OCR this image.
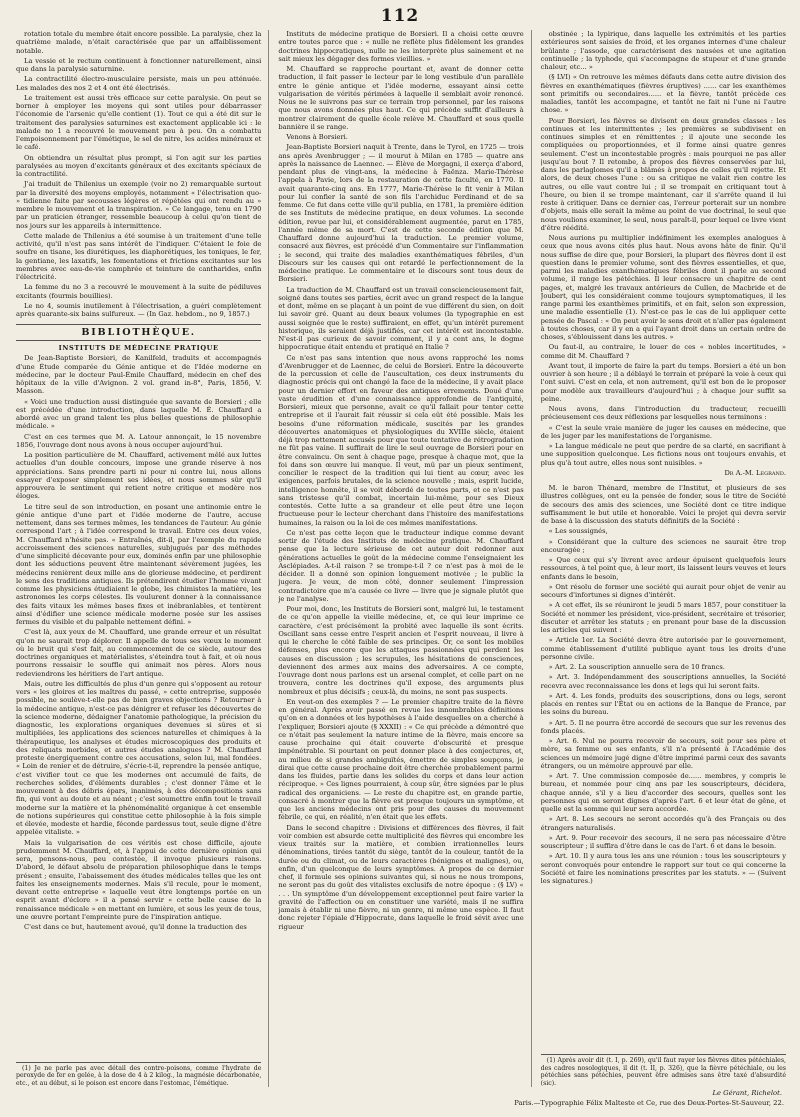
112

rotation totale du membre était encore possible. La paralysie, chez la quatrième malade, n'était caractérisée que par un affaiblissement notable.

La vessie et le rectum continuent à fonctionner naturellement, ainsi que dans la paralysie saturnine.

La contractilité électro-musculaire persiste, mais un peu atténuée. Les malades des nos 2 et 4 ont été électrisés.

Le traitement est aussi très efficace sur cette paralysie. On peut se borner à employer les moyens qui sont utiles pour débarrasser l'économie de l'arsenic qu'elle contient (1). Tout ce qui a été dit sur le traitement des paralysies saturnines est exactement applicable ici : le malade no 1 a recouvré le mouvement peu à peu. On a combattu l'empoisonnement par l'émétique, le sel de nitre, les acides minéraux et le café.

On obtiendra un résultat plus prompt, si l'on agit sur les parties paralysées au moyen d'excitants généraux et des excitants spéciaux de la contractilité.

J'ai traduit de Thilenius un exemple (voir no 2) remarquable surtout par la diversité des moyens employés, notamment « l'électrisation quo- » tidienne faite par secousses légères et répétées qui ont rendu au » membre le mouvement et la transpiration. » Ce langage, tenu en 1790 par un praticien étranger, ressemble beaucoup à celui qu'on tient de nos jours sur les appareils à intermittence.

Cette malade de Thilenius a été soumise à un traitement d'une telle activité, qu'il n'est pas sans intérêt de l'indiquer. C'étaient le foie de soufre en tisane, les diurétiques, les diaphorétiques, les toniques, le fer, la gentiane, les laxatifs, les fomentations et frictions excitantes sur les membres avec eau-de-vie camphrée et teinture de cantharides, enfin l'électricité.

La femme du no 3 a recouvré le mouvement à la suite de pédiluves excitants (fourmis bouillies).

Le no 4, soumis inutilement à l'électrisation, a guéri complètement après quarante-six bains sulfureux. — (In Gaz. hebdom., no 9, 1857.)

BIBLIOTHÈQUE.
INSTITUTS DE MÉDECINE PRATIQUE

De Jean-Baptiste Borsieri, de Kanilfeld, traduits et accompagnés d'une Étude comparée du Génie antique et de l'Idée moderne en médecine, par le docteur Paul-Émile Chauffard, médecin en chef des hôpitaux de la ville d'Avignon. 2 vol. grand in-8°, Paris, 1856, V. Masson.

« Voici une traduction aussi distinguée que savante de Borsieri ; elle est précédée d'une introduction, dans laquelle M. É. Chauffard a abordé avec un grand talent les plus belles questions de philosophie médicale. »

C'est en ces termes que M. A. Latour annonçait, le 15 novembre 1856, l'ouvrage dont nous avons à nous occuper aujourd'hui.

La position particulière de M. Chauffard, activement mêlé aux luttes actuelles d'un double concours, impose une grande réserve à nos appréciations. Sans prendre parti ni pour ni contre lui, nous allons essayer d'exposer simplement ses idées, et nous sommes sûr qu'il approuvera le sentiment qui retient notre critique et modère nos éloges.

Le titre seul de son introduction, en posant une antinomie entre le génie antique d'une part et l'idée moderne de l'autre, accuse nettement, dans ses termes mêmes, les tendances de l'auteur. Au génie correspond l'art ; à l'idée correspond le travail. Entre ces deux voies, M. Chauffard n'hésite pas. « Entraînés, dit-il, par l'exemple du rapide accroissement des sciences naturelles, subjugués par des méthodes d'une simplicité décevante pour eux, dominés enfin par une philosophie dont les séductions peuvent être maintenant sévèrement jugées, les médecins renièrent deux mille ans de glorieuse médecine, et perdirent le sens des traditions antiques. Ils prétendirent étudier l'homme vivant comme les physiciens étudiaient le globe, les chimistes la matière, les astronomes les corps célestes. Ils voulurent donner à la connaissance des faits vitaux les mêmes bases fixes et inébranlables, et tentèrent ainsi d'édifier une science médicale moderne posée sur les assises fermes du visible et du palpable nettement défini. »

C'est là, aux yeux de M. Chauffard, une grande erreur et un résultat qu'on ne saurait trop déplorer. Il appelle de tous ses vœux le moment où le bruit qui s'est fait, au commencement de ce siècle, autour des doctrines organiques et matérialistes, s'éteindra tout à fait, et où nous pourrons ressaisir le souffle qui animait nos pères. Alors nous redeviendrons les héritiers de l'art antique.

Mais, outre les difficultés de plus d'un genre qui s'opposent au retour vers « les gloires et les maîtres du passé, » cette entreprise, supposée possible, ne soulève-t-elle pas de bien graves objections ? Retourner à la médecine antique, n'est-ce pas dénigrer et refuser les découvertes de la science moderne, dédaigner l'anatomie pathologique, la précision du diagnostic, les explorations organiques devenues si sûres et si multipliées, les applications des sciences naturelles et chimiques à la thérapeutique, les analyses et études microscopiques des produits et des reliquats morbides, et autres études analogues ? M. Chauffard proteste énergiquement contre ces accusations, selon lui, mal fondées. « Loin de renier et de détruire, s'écrie-t-il, reprendre la pensée antique, c'est vivifier tout ce que les modernes ont accumulé de faits, de recherches solides, d'éléments durables ; c'est donner l'âme et le mouvement à des débris épars, inanimés, à des décompositions sans fin, qui vont au doute et au néant ; c'est soumettre enfin tout le travail moderne sur la matière et la phénoménalité organique à cet ensemble de notions supérieures qui constitue cette philosophie à la fois simple et élevée, modeste et hardie, féconde pardessus tout, seule digne d'être appelée vitaliste. »

Mais la vulgarisation de ces vérités est chose difficile, ajoute prudemment M. Chauffard, et, à l'appui de cette dernière opinion qui sera, pensons-nous, peu contestée, il invoque plusieurs raisons. D'abord, le défaut absolu de préparation philosophique dans le temps présent ; ensuite, l'abaissement des études médicales telles que les ont faites les enseignements modernes. Mais s'il recule, pour le moment, devant cette entreprise « laquelle veut être longtemps portée en un esprit avant d'éclore » il a pensé servir « cette belle cause de la renaissance médicale » en mettant en lumière, et sous les yeux de tous, une œuvre portant l'empreinte pure de l'inspiration antique.

C'est dans ce but, hautement avoué, qu'il donne la traduction des

(1) Je ne parle pas avec détail des contre-poisons, comme l'hydrate de peroxyde de fer en gelée, à la dose de 4 à 2 kilog., la magnésie décarbonatée, etc., et au début, si le poison est encore dans l'estomac, l'émétique.

Instituts de médecine pratique de Borsieri. Il a choisi cette œuvre entre toutes parce que : « nulle ne reflète plus fidèlement les grandes doctrines hippocratiques, nulle ne les interprète plus sainement et ne sait mieux les dégager des formes vieillies. »

M. Chauffard se rapproche pourtant et, avant de donner cette traduction, il fait passer le lecteur par le long vestibule d'un parallèle entre le génie antique et l'idée moderne, essayant ainsi cette vulgarisation de vérités périmées à laquelle il semblait avoir renoncé. Nous ne le suivrons pas sur ce terrain trop personnel, par les raisons que nous avons données plus haut. Ce qui précède suffit d'ailleurs à montrer clairement de quelle école relève M. Chauffard et sous quelle bannière il se range.

Venons à Borsieri.

Jean-Baptiste Borsieri naquit à Trente, dans le Tyrol, en 1725 — trois ans après Avenbrugger ; — il mourut à Milan en 1785 — quatre ans après la naissance de Laennec. — Élève de Morgagni, il exerça d'abord, pendant plus de vingt-ans, la médecine à Faënza. Marie-Thérèse l'appela à Pavie, lors de la restauration de cette faculté, en 1770. Il avait quarante-cinq ans. En 1777, Marie-Thérèse le fit venir à Milan pour lui confier la santé de son fils l'archiduc Ferdinand et de sa femme. Ce fut dans cette ville qu'il publia, en 1781, la première édition de ses Instituts de médecine pratique, en deux volumes. La seconde édition, revue par lui, et considérablement augmentée, parut en 1785, l'année même de sa mort. C'est de cette seconde édition que M. Chauffard donne aujourd'hui la traduction. Le premier volume, consacré aux fièvres, est précédé d'un Commentaire sur l'inflammation ; le second, qui traite des maladies exanthématiques fébriles, d'un Discours sur les causes qui ont retardé le perfectionnement de la médecine pratique. Le commentaire et le discours sont tous deux de Borsieri.

La traduction de M. Chauffard est un travail consciencieusement fait, soigné dans toutes ses parties, écrit avec un grand respect de la langue et dont, même en se plaçant à un point de vue différent du sien, on doit lui savoir gré. Quant au deux beaux volumes (la typographie en est aussi soignée que le reste) suffiraient, en effet, qu'un intérêt purement historique, ils seraient déjà justifiés, car cet intérêt est incontestable. N'est-il pas curieux de savoir comment, il y a cent ans, le dogme hippocratique était entendu et pratiqué en Italie ?

Ce n'est pas sans intention que nous avons rapproché les noms d'Avenbrugger et de Laennec, de celui de Borsieri. Entre la découverte de la percussion et celle de l'auscultation, ces deux instruments du diagnostic précis qui ont changé la face de la médecine, il y avait place pour un dernier effort en faveur des antiques errements. Doué d'une vaste érudition et d'une connaissance approfondie de l'antiquité, Borsieri, mieux que personne, avait ce qu'il fallait pour tenter cette entreprise et il l'aurait fait réussir si cela eût été possible. Mais les besoins d'une réformation médicale, suscités par les grandes découvertes anatomiques et physiologiques du XVIIIe siècle, étaient déjà trop nettement accusés pour que toute tentative de rétrogradation ne fût pas vaine. Il suffirait de lire le seul ouvrage de Borsieri pour en être convaincu. On sent à chaque page, presque à chaque mot, que la foi dans son œuvre lui manque. Il veut, mû par un pieux sentiment, concilier le respect de la tradition qui lui tient au cœur, avec les exigences, parfois brutales, de la science nouvelle ; mais, esprit lucide, intelligence honnête, il se voit débordé de toutes parts, et ce n'est pas sans tristesse qu'il combat, incertain lui-même, pour ses Dieux contestés. Cette lutte a sa grandeur et elle peut être une leçon fructueuse pour le lecteur cherchant dans l'histoire des manifestations humaines, la raison ou la loi de ces mêmes manifestations.

Ce n'est pas cette leçon que le traducteur indique comme devant sortir de l'étude des Instituts de médecine pratique. M. Chauffard pense que la lecture sérieuse de cet auteur doit redonner aux générations actuelles le goût de la médecine comme l'enseignaient les Asclépiades. A-t-il raison ? se trompe-t-il ? ce n'est pas à moi de le décider. Il a donné son opinion longuement motivée ; le public la jugera. Je veux, de mon côté, donner seulement l'impression contradictoire que m'a causée ce livre — livre que je signale plutôt que je ne l'analyse.

Pour moi, donc, les Instituts de Borsieri sont, malgré lui, le testament de ce qu'on appelle la vieille médecine, et, ce qui leur imprime ce caractère, c'est précisément la probité avec laquelle ils sont écrits. Oscillant sans cesse entre l'esprit ancien et l'esprit nouveau, il livre à qui le cherche le côté faible de ses principes. Or, ce sont les mobiles défenses, plus encore que les attaques passionnées qui perdent les causes en discussion ; les scrupules, les hésitations de consciences, deviennent des armes aux mains des adversaires. A ce compte, l'ouvrage dont nous parlons est un arsenal complet, et celle part on ne trouvera, contre les doctrines qu'il expose, des arguments plus nombreux et plus décisifs ; ceux-là, du moins, ne sont pas suspects.

En veut-on des exemples ? — Le premier chapitre traite de la fièvre en général. Après avoir passé en revue les innombrables définitions qu'on en a données et les hypothèses à l'aide desquelles on a cherché à l'expliquer, Borsieri ajoute (§ XXXII) : « Ce qui précède a démontré que ce n'était pas seulement la nature intime de la fièvre, mais encore sa cause prochaine qui était couverte d'obscurité et presque impénétrable. Si pourtant on peut donner place à des conjectures, et, au milieu de si grandes ambiguïtés, émettre de simples soupçons, je dirai que cette cause prochaine doit être cherchée probablement parmi dans les fluides, partie dans les solides du corps et dans leur action réciproque. » Ces lignes pourraient, à coup sûr, être signées par le plus radical des organiciens. — Le reste du chapitre est, en grande partie, consacré à montrer que la fièvre est presque toujours un symptôme, et que les anciens médecins ont pris pour des causes du mouvement fébrile, ce qui, en réalité, n'en était que les effets.

Dans le second chapitre : Divisions et différences des fièvres, il fait voir combien est absurde cette multiplicité des fièvres qui encombre les vieux traités sur la matière, et combien irrationnelles leurs dénominations, tirées tantôt du siège, tantôt de la couleur, tantôt de la durée ou du climat, ou de leurs caractères (bénignes et malignes), ou, enfin, d'un quelconque de leurs symptômes. A propos de ce dernier chef, il formule ses opinions suivantes qui, si nous ne nous trompons, ne seront pas du goût des vitalistes exclusifs de notre époque : (§ LV) « . . . Un symptôme d'un développement exceptionnel peut faire varier la gravité de l'affection ou en constituer une variété, mais il ne suffira jamais à établir ni une fièvre, ni un genre, ni même une espèce. Il faut donc rejeter l'épiale d'Hippocrate, dans laquelle le froid sévit avec une rigueur

obstinée ; la lypirique, dans laquelle les extrémités et les parties extérieures sont saisies de froid, et les organes internes d'une chaleur brûlante ; l'assode, que caractérisent des nausées et une agitation continuelle ; la typhode, qui s'accompagne de stupeur et d'une grande chaleur, etc... »

(§ LVI) « On retrouve les mêmes défauts dans cette autre division des fièvres en exanthématiques (fièvres éruptives) ...... car les exanthèmes sont primitifs ou secondaires...... et la fièvre, tantôt précède ces maladies, tantôt les accompagne, et tantôt ne fait ni l'une ni l'autre chose. »

Pour Borsieri, les fièvres se divisent en deux grandes classes : les continues et les intermittentes ; les premières se subdivisent en continues simples et en rémittentes ; il ajoute une seconde les compliquées ou proportionnées, et il forme ainsi quatre genres seulement. C'est un incontestable progrès : mais pourquoi ne pas aller jusqu'au bout ? Il retombe, à propos des fièvres conservées par lui, dans les parlaglomes qu'il a blâmés à propos de celles qu'il rejette. Et alors, de deux choses l'une : ou sa critique ne valait rien contre les autres, ou elle vaut contre lui ; il se trompait en critiquant tout à l'heure, ou bien il se trompe maintenant, car il s'arrête quand il lui reste à critiquer. Dans ce dernier cas, l'erreur porterait sur un nombre d'objets, mais elle serait la même au point de vue doctrinal, le seul que nous voulions examiner, le seul, nous paraît-il, pour lequel ce livre vient d'être réédité.

Nous aurions pu multiplier indéfiniment les exemples analogues à ceux que nous avons cités plus haut. Nous avons hâte de finir. Qu'il nous suffise de dire que, pour Borsieri, la plupart des fièvres dont il est question dans le premier volume, sont des fièvres essentielles, et que, parmi les maladies exanthématiques fébriles dont il parle au second volume, il range les pétéchies. Il leur consacre un chapitre de cent pages, et, malgré les travaux antérieurs de Cullen, de Macbride et de Joubert, qui les considéraient comme toujours symptomatiques, il les range parmi les exanthèmes primitifs, et en fait, selon son expression, une maladie essentielle (1). N'est-ce pas le cas de lui appliquer cette pensée de Pascal : « On peut avoir le sens droit et n'aller pas également à toutes choses, car il y en a qui l'ayant droit dans un certain ordre de choses, s'éblouissent dans les autres. »

Ou faut-il, au contraire, le louer de ces « nobles incertitudes, » comme dit M. Chauffard ?

Avant tout, il importe de faire la part du temps. Borsieri a été un bon ouvrier à son heure ; il a déblayé le terrain et préparé la voie à ceux qui l'ont suivi. C'est en cela, et non autrement, qu'il est bon de le proposer pour modèle aux travailleurs d'aujourd'hui ; à chaque jour suffit sa peine.

Nous avons, dans l'introduction du traducteur, recueilli précieusement ces deux réflexions par lesquelles nous terminons :

« C'est la seule vraie manière de juger les causes en médecine, que de les juger par les manifestations de l'organisme.

» La langue médicale ne peut que perdre de sa clarté, en sacrifiant à une supposition quelconque. Les fictions nous ont toujours envahis, et plus qu'à tout autre, elles nous sont nuisibles. »

Dr A.-M. Legrand.

M. le baron Thénard, membre de l'Institut, et plusieurs de ses illustres collègues, ont eu la pensée de fonder, sous le titre de Société de secours des amis des sciences, une Société dont ce titre indique suffisamment le but utile et honorable. Voici le projet qui devra servir de base à la discussion des statuts définitifs de la Société :

« Les soussignés,

» Considérant que la culture des sciences ne saurait être trop encouragée ;

» Que ceux qui s'y livrent avec ardeur épuisent quelquefois leurs ressources, à tel point que, à leur mort, ils laissent leurs veuves et leurs enfants dans le besoin,

» Ont résolu de former une société qui aurait pour objet de venir au secours d'infortunes si dignes d'intérêt.

» A cet effet, ils se réuniront le jeudi 5 mars 1857, pour constituer la Société et nommer les président, vice-président, secrétaire et trésorier, discuter et arrêter les statuts ; en prenant pour base de la discussion les articles qui suivent :

» Article 1er. La Société devra être autorisée par le gouvernement, comme établissement d'utilité publique ayant tous les droits d'une personne civile.

» Art. 2. La souscription annuelle sera de 10 francs.

» Art. 3. Indépendamment des souscriptions annuelles, la Société recevra avec reconnaissance les dons et legs qui lui seront faits.

» Art. 4. Les fonds, produits des souscriptions, dons ou legs, seront placés en rentes sur l'État ou en actions de la Banque de France, par les soins du bureau.

» Art. 5. Il ne pourra être accordé de secours que sur les revenus des fonds placés.

» Art. 6. Nul ne pourra recevoir de secours, soit pour ses père et mère, sa femme ou ses enfants, s'il n'a présenté à l'Académie des sciences un mémoire jugé digne d'être imprimé parmi ceux des savants étrangers, ou un mémoire approuvé par elle.

» Art. 7. Une commission composée de...... membres, y compris le bureau, et nommée pour cinq ans par les souscripteurs, décidera, chaque année, s'il y a lieu d'accorder des secours, quelles sont les personnes qui en seront dignes d'après l'art. 6 et leur état de gêne, et quelle est la somme qui leur sera accordée.

» Art. 8. Les secours ne seront accordés qu'à des Français ou des étrangers naturalisés.

» Art. 9. Pour recevoir des secours, il ne sera pas nécessaire d'être souscripteur ; il suffira d'être dans le cas de l'art. 6 et dans le besoin.

» Art. 10. Il y aura tous les ans une réunion : tous les souscripteurs y seront convoqués pour entendre le rapport sur tout ce qui concerne la Société et faire les nominations prescrites par les statuts. » — (Suivent les signatures.)

(1) Après avoir dit (t. I, p. 269), qu'il faut rayer les fièvres dites pétéchiales, des cadres nosologiques, il dit (t. II, p. 326), que la fièvre pétéchiale, ou les pétéchies sans pétéchies, peuvent être admises sans être taxé d'absurdité (sic).

Le Gérant, Richelot.
Paris.—Typographie Félix Malteste et Ce, rue des Deux-Portes-St-Sauveur, 22.
